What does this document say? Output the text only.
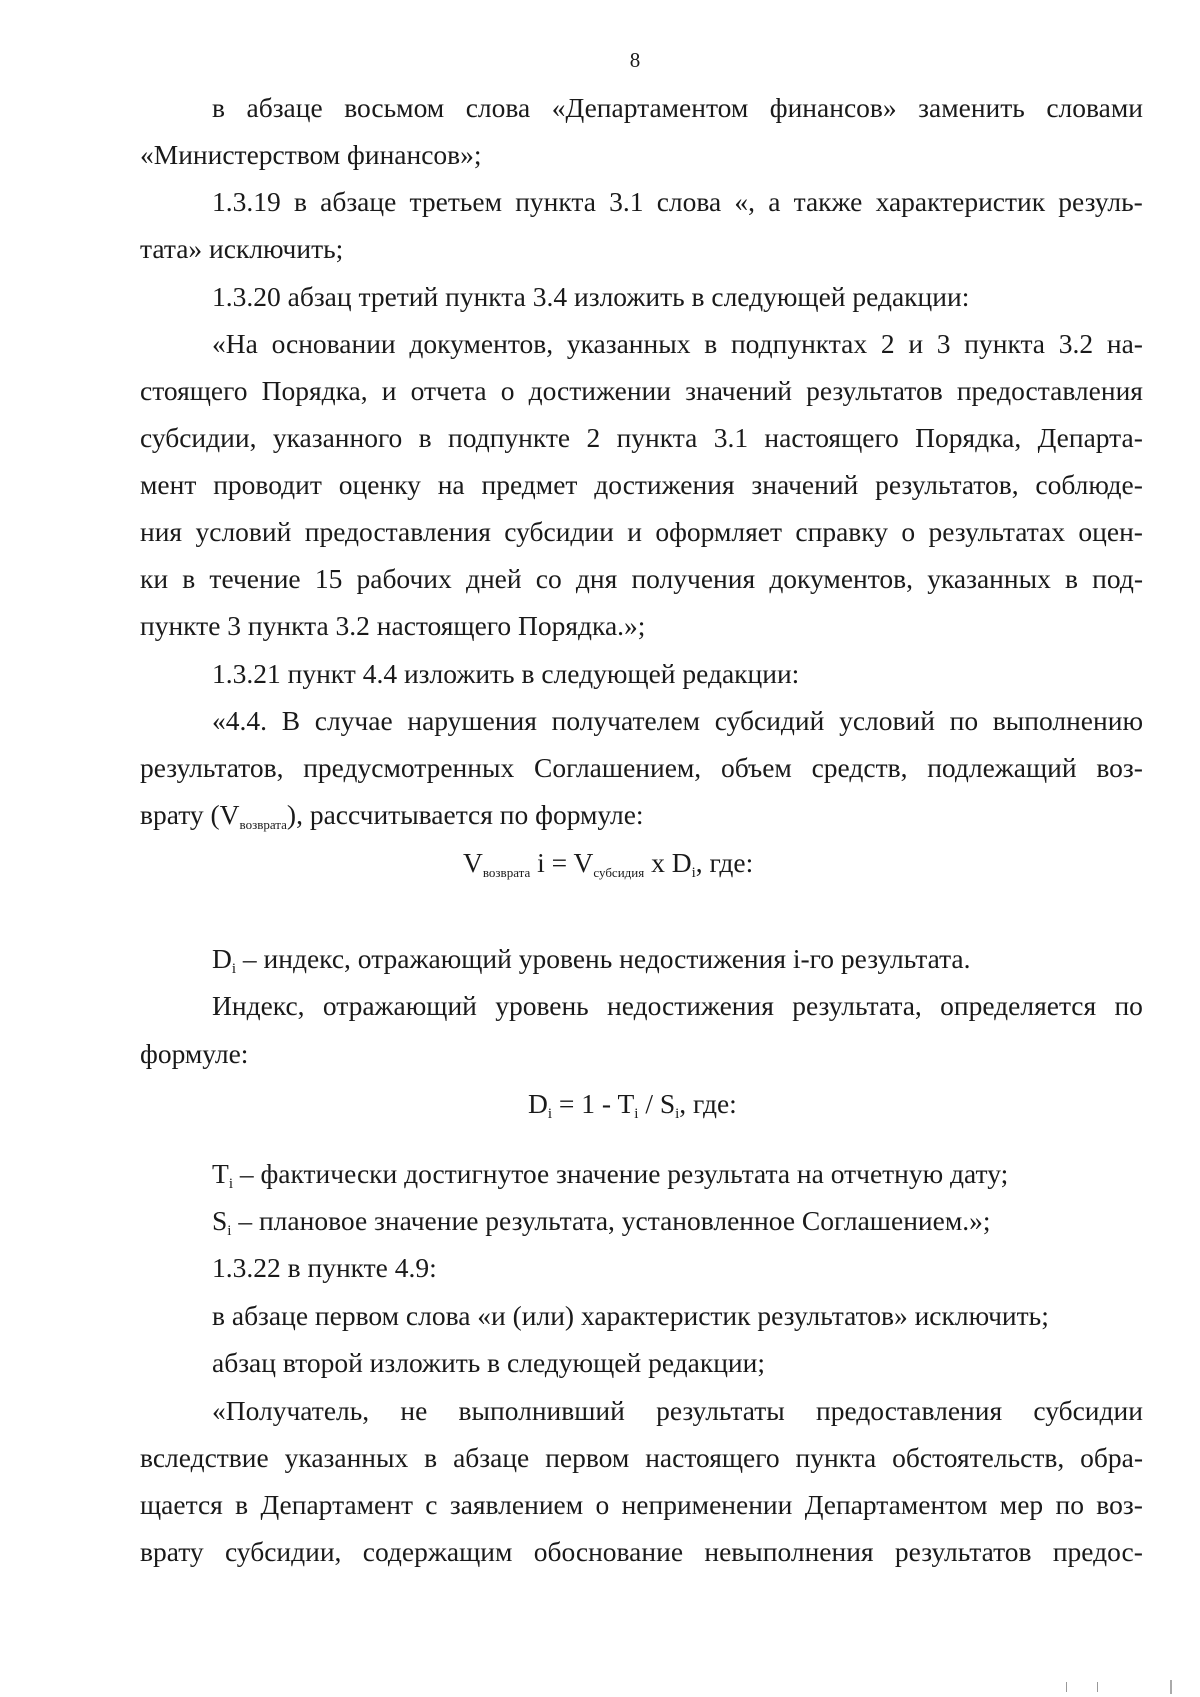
8
в абзаце восьмом слова «Департаментом финансов» заменить словами
«Министерством финансов»;
1.3.19 в абзаце третьем пункта 3.1 слова «, а также характеристик резуль-
тата» исключить;
1.3.20 абзац третий пункта 3.4 изложить в следующей редакции:
«На основании документов, указанных в подпунктах 2 и 3 пункта 3.2 на-
стоящего Порядка, и отчета о достижении значений результатов предоставления
субсидии, указанного в подпункте 2 пункта 3.1 настоящего Порядка, Департа-
мент проводит оценку на предмет достижения значений результатов, соблюде-
ния условий предоставления субсидии и оформляет справку о результатах оцен-
ки в течение 15 рабочих дней со дня получения документов, указанных в под-
пункте 3 пункта 3.2 настоящего Порядка.»;
1.3.21 пункт 4.4 изложить в следующей редакции:
«4.4. В случае нарушения получателем субсидий условий по выполнению
результатов, предусмотренных Соглашением, объем средств, подлежащий воз-
врату (Vвозврата), рассчитывается по формуле:
Vвозврата i = Vсубсидия x $D_i$, где:
$D_i$ – индекс, отражающий уровень недостижения i-го результата.
Индекс, отражающий уровень недостижения результата, определяется по
формуле:
$D_i = 1 - T_i / S_i$, где:
$T_i$ – фактически достигнутое значение результата на отчетную дату;
$S_i$ – плановое значение результата, установленное Соглашением.»;
1.3.22 в пункте 4.9:
в абзаце первом слова «и (или) характеристик результатов» исключить;
абзац второй изложить в следующей редакции;
«Получатель, не выполнивший результаты предоставления субсидии
вследствие указанных в абзаце первом настоящего пункта обстоятельств, обра-
щается в Департамент с заявлением о неприменении Департаментом мер по воз-
врату субсидии, содержащим обоснование невыполнения результатов предос-
